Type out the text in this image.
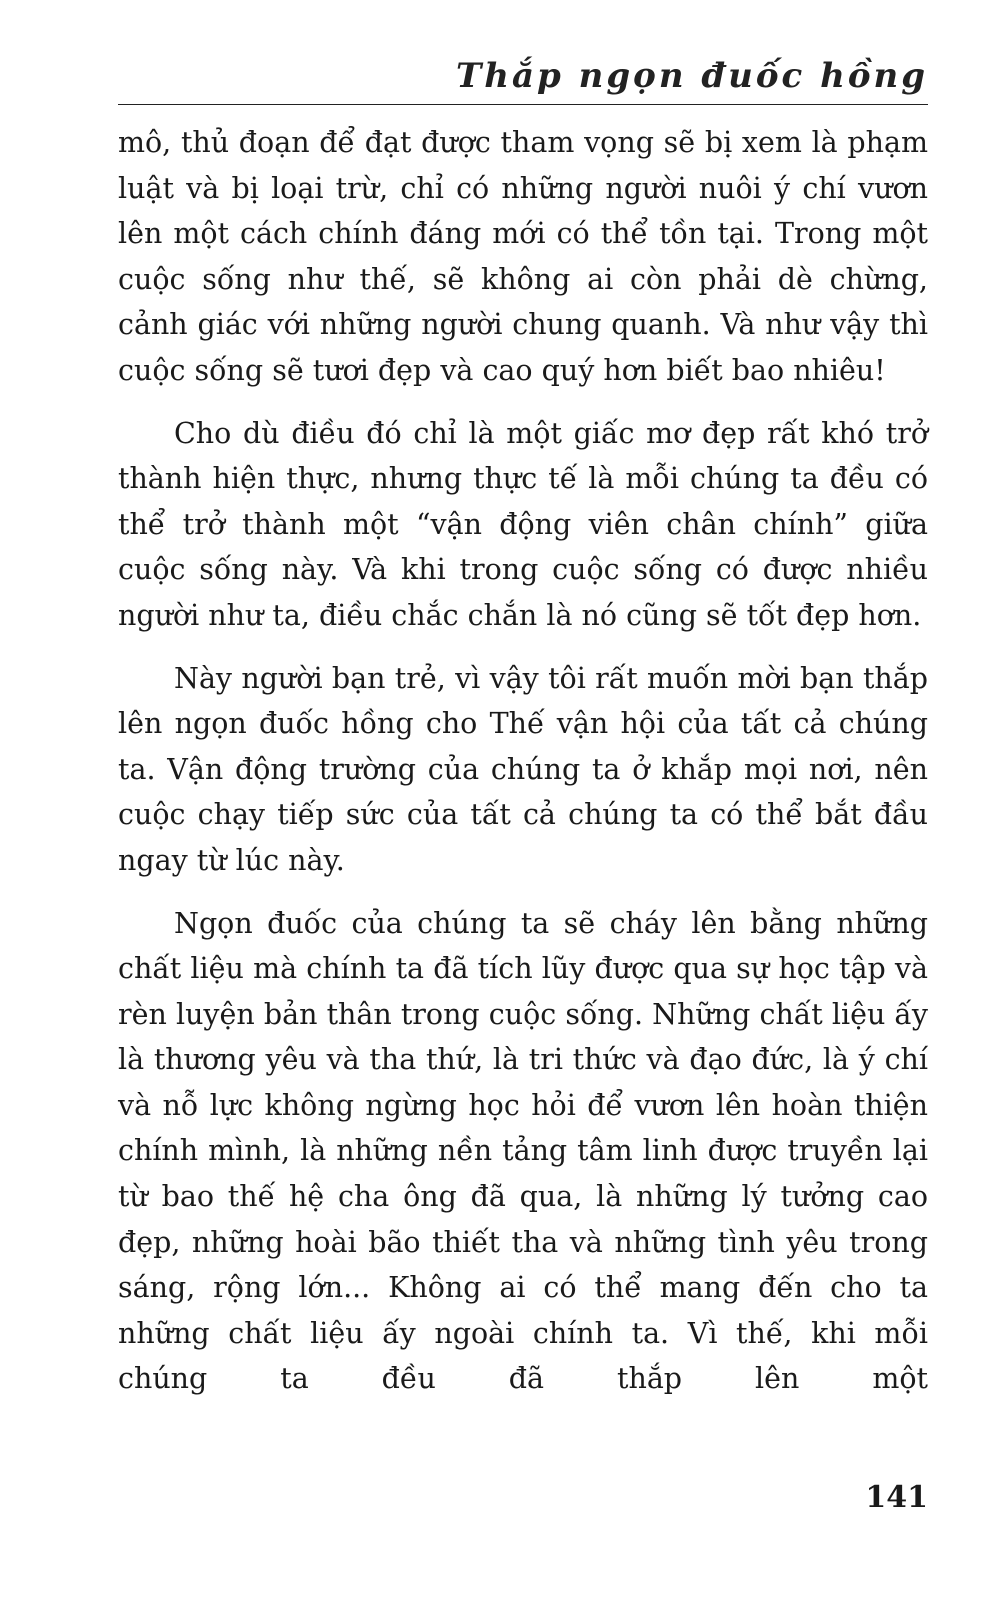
Thắp ngọn đuốc hồng

mô, thủ đoạn để đạt được tham vọng sẽ bị xem là phạm luật và bị loại trừ, chỉ có những người nuôi ý chí vươn lên một cách chính đáng mới có thể tồn tại. Trong một cuộc sống như thế, sẽ không ai còn phải dè chừng, cảnh giác với những người chung quanh. Và như vậy thì cuộc sống sẽ tươi đẹp và cao quý hơn biết bao nhiêu!

Cho dù điều đó chỉ là một giấc mơ đẹp rất khó trở thành hiện thực, nhưng thực tế là mỗi chúng ta đều có thể trở thành một “vận động viên chân chính” giữa cuộc sống này. Và khi trong cuộc sống có được nhiều người như ta, điều chắc chắn là nó cũng sẽ tốt đẹp hơn.

Này người bạn trẻ, vì vậy tôi rất muốn mời bạn thắp lên ngọn đuốc hồng cho Thế vận hội của tất cả chúng ta. Vận động trường của chúng ta ở khắp mọi nơi, nên cuộc chạy tiếp sức của tất cả chúng ta có thể bắt đầu ngay từ lúc này.

Ngọn đuốc của chúng ta sẽ cháy lên bằng những chất liệu mà chính ta đã tích lũy được qua sự học tập và rèn luyện bản thân trong cuộc sống. Những chất liệu ấy là thương yêu và tha thứ, là tri thức và đạo đức, là ý chí và nỗ lực không ngừng học hỏi để vươn lên hoàn thiện chính mình, là những nền tảng tâm linh được truyền lại từ bao thế hệ cha ông đã qua, là những lý tưởng cao đẹp, những hoài bão thiết tha và những tình yêu trong sáng, rộng lớn... Không ai có thể mang đến cho ta những chất liệu ấy ngoài chính ta. Vì thế, khi mỗi chúng ta đều đã thắp lên một

141
